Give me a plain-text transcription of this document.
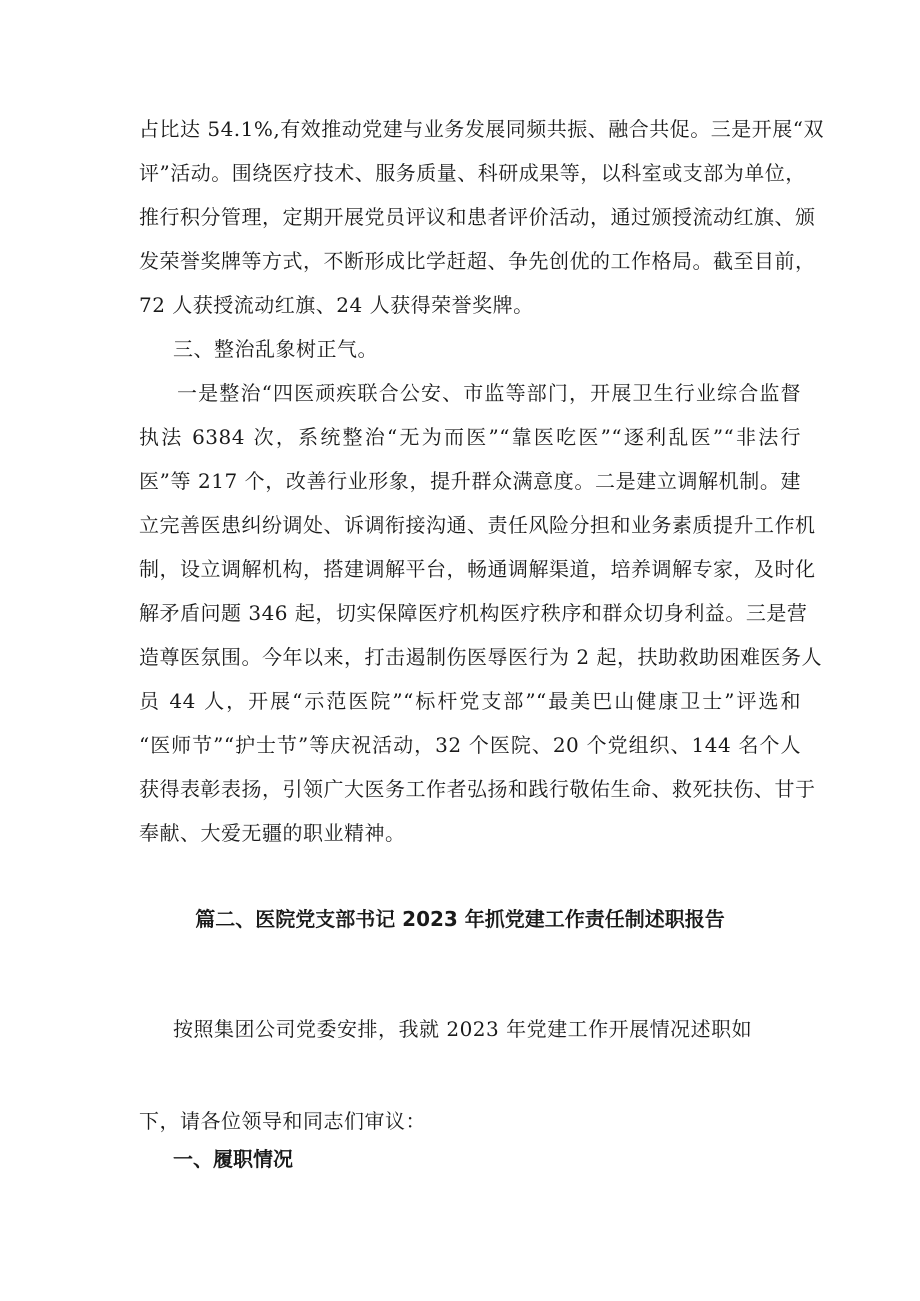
占比达 54.1%,有效推动党建与业务发展同频共振、融合共促。三是开展“双
评”活动。围绕医疗技术、服务质量、科研成果等，以科室或支部为单位，
推行积分管理，定期开展党员评议和患者评价活动，通过颁授流动红旗、颁
发荣誉奖牌等方式，不断形成比学赶超、争先创优的工作格局。截至目前，
72 人获授流动红旗、24 人获得荣誉奖牌。
三、整治乱象树正气。
一是整治“四医顽疾联合公安、市监等部门，开展卫生行业综合监督
执法 6384 次，系统整治“无为而医”“靠医吃医”“逐利乱医”“非法行
医”等 217 个，改善行业形象，提升群众满意度。二是建立调解机制。建
立完善医患纠纷调处、诉调衔接沟通、责任风险分担和业务素质提升工作机
制，设立调解机构，搭建调解平台，畅通调解渠道，培养调解专家，及时化
解矛盾问题 346 起，切实保障医疗机构医疗秩序和群众切身利益。三是营
造尊医氛围。今年以来，打击遏制伤医辱医行为 2 起，扶助救助困难医务人
员 44 人，开展“示范医院”“标杆党支部”“最美巴山健康卫士”评选和
“医师节”“护士节”等庆祝活动，32 个医院、20 个党组织、144 名个人
获得表彰表扬，引领广大医务工作者弘扬和践行敬佑生命、救死扶伤、甘于
奉献、大爱无疆的职业精神。
篇二、医院党支部书记 2023 年抓党建工作责任制述职报告
按照集团公司党委安排，我就 2023 年党建工作开展情况述职如
下，请各位领导和同志们审议：
一、履职情况
